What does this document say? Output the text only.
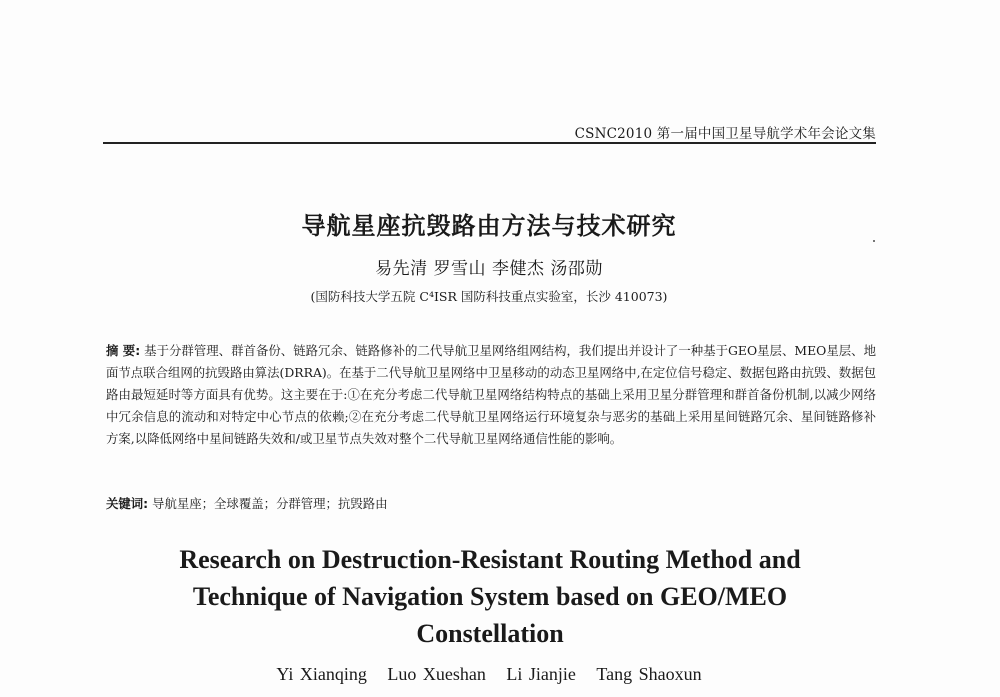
CSNC2010 第一届中国卫星导航学术年会论文集
导航星座抗毁路由方法与技术研究
易先清 罗雪山 李健杰 汤邵勋
(国防科技大学五院 C⁴ISR 国防科技重点实验室，长沙 410073)
摘 要: 基于分群管理、群首备份、链路冗余、链路修补的二代导航卫星网络组网结构，我们提出并设计了一种基于GEO星层、MEO星层、地面节点联合组网的抗毁路由算法(DRRA)。在基于二代导航卫星网络中卫星移动的动态卫星网络中,在定位信号稳定、数据包路由抗毁、数据包路由最短延时等方面具有优势。这主要在于:①在充分考虑二代导航卫星网络结构特点的基础上采用卫星分群管理和群首备份机制,以减少网络中冗余信息的流动和对特定中心节点的依赖;②在充分考虑二代导航卫星网络运行环境复杂与恶劣的基础上采用星间链路冗余、星间链路修补方案,以降低网络中星间链路失效和/或卫星节点失效对整个二代导航卫星网络通信性能的影响。
关键词: 导航星座；全球覆盖；分群管理；抗毁路由
Research on Destruction-Resistant Routing Method and
Technique of Navigation System based on GEO/MEO
Constellation
Yi Xianqing Luo Xueshan Li Jianjie Tang Shaoxun
